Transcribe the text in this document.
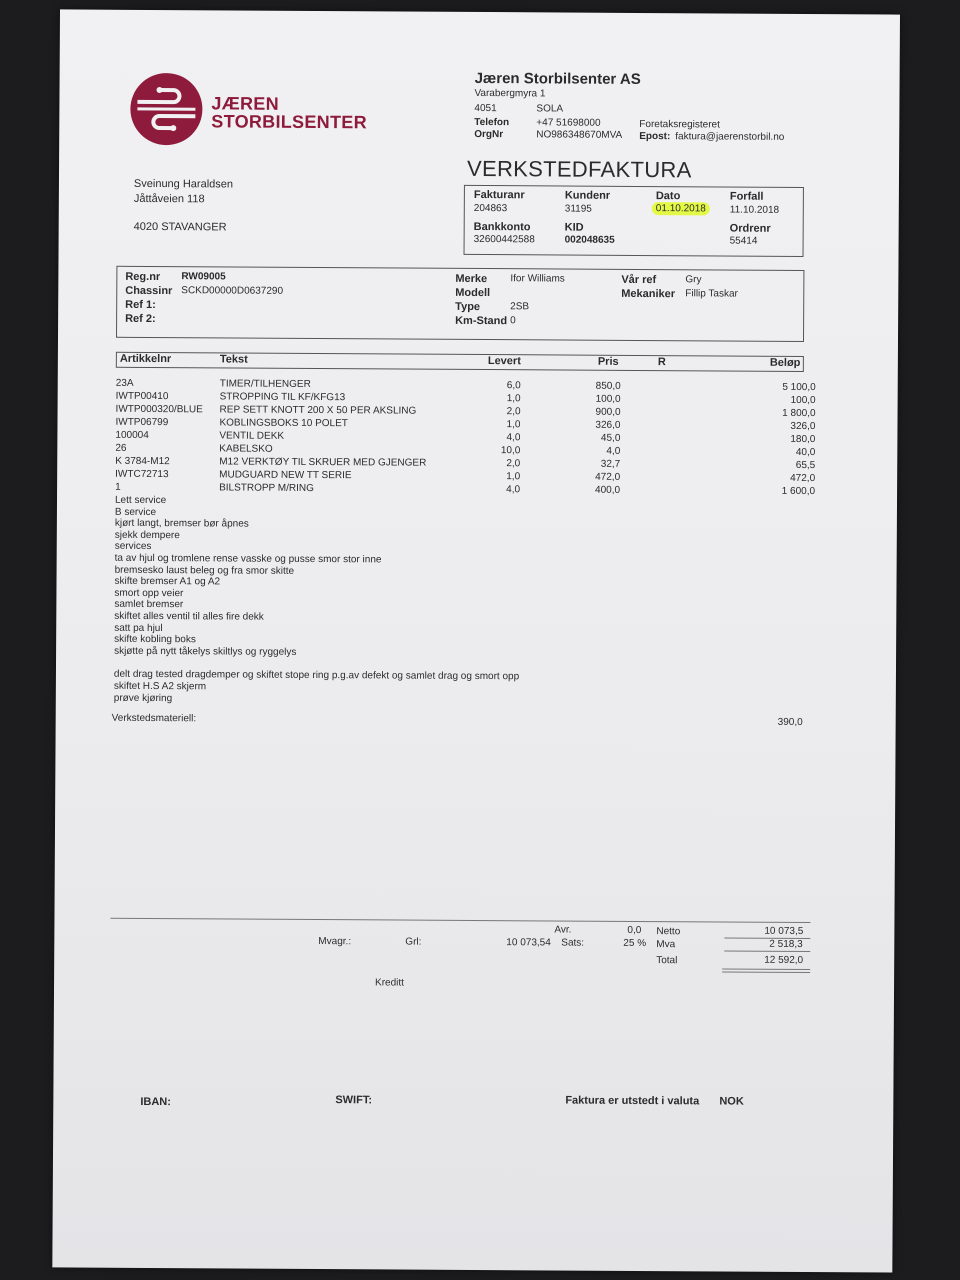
JÆREN
STORBILSENTER
Jæren Storbilsenter AS
Varabergmyra 1
4051	SOLA
Telefon	+47 51698000	Foretaksregisteret
OrgNr	NO986348670MVA Epost: faktura@jaerenstorbil.no
Sveinung Haraldsen
Jåttåveien 118
4020 STAVANGER
VERKSTEDFAKTURA
Fakturanr
204863
Kundenr
31195
Dato
01.10.2018
Forfall
11.10.2018
Bankkonto
32600442588
KID
002048635
Ordrenr
55414
Reg.nr RW09005
Chassinr SCKD00000D0637290
Ref 1:
Ref 2:
Merke Ifor Williams
Modell
Type	2SB
Km-Stand 0
Vår ref	Gry
Mekaniker Fillip Taskar
Artikkelnr	Tekst	Levert	Pris	R	Beløp
23A	TIMER/TILHENGER	6,0	850,0	5 100,0
IWTP00410	STROPPING TIL KF/KFG13	1,0	100,0	100,0
IWTP000320/BLUE REP SETT KNOTT 200 X 50 PER AKSLING	2,0	900,0	1 800,0
IWTP06799	KOBLINGSBOKS 10 POLET	1,0	326,0	326,0
100004	VENTIL DEKK	4,0	45,0	180,0
26	KABELSKO	10,0	4,0	40,0
K 3784-M12	M12 VERKTØY TIL SKRUER MED GJENGER	2,0	32,7	65,5
IWTC72713	MUDGUARD NEW TT SERIE	1,0	472,0	472,0
1	BILSTROPP M/RING	4,0	400,0	1 600,0
Lett service
B service
kjørt langt, bremser bør åpnes
sjekk dempere
services
ta av hjul og tromlene rense vasske og pusse smor stor inne
bremsesko laust beleg og fra smor skitte
skifte bremser A1 og A2
smort opp veier
samlet bremser
skiftet alles ventil til alles fire dekk
satt pa hjul
skifte kobling boks
skjøtte på nytt tåkelys skiltlys og ryggelys
delt drag tested dragdemper og skiftet stope ring p.g.av defekt og samlet drag og smort opp
skiftet H.S A2 skjerm
prøve kjøring
Verkstedsmateriell:	390,0
Avr.	0,0 Netto	10 073,5
Mvagr.:	Grl:	10 073,54 Sats:	25 % Mva	2 518,3
Total	12 592,0
Kreditt
IBAN:	SWIFT:	Faktura er utstedt i valuta NOK
